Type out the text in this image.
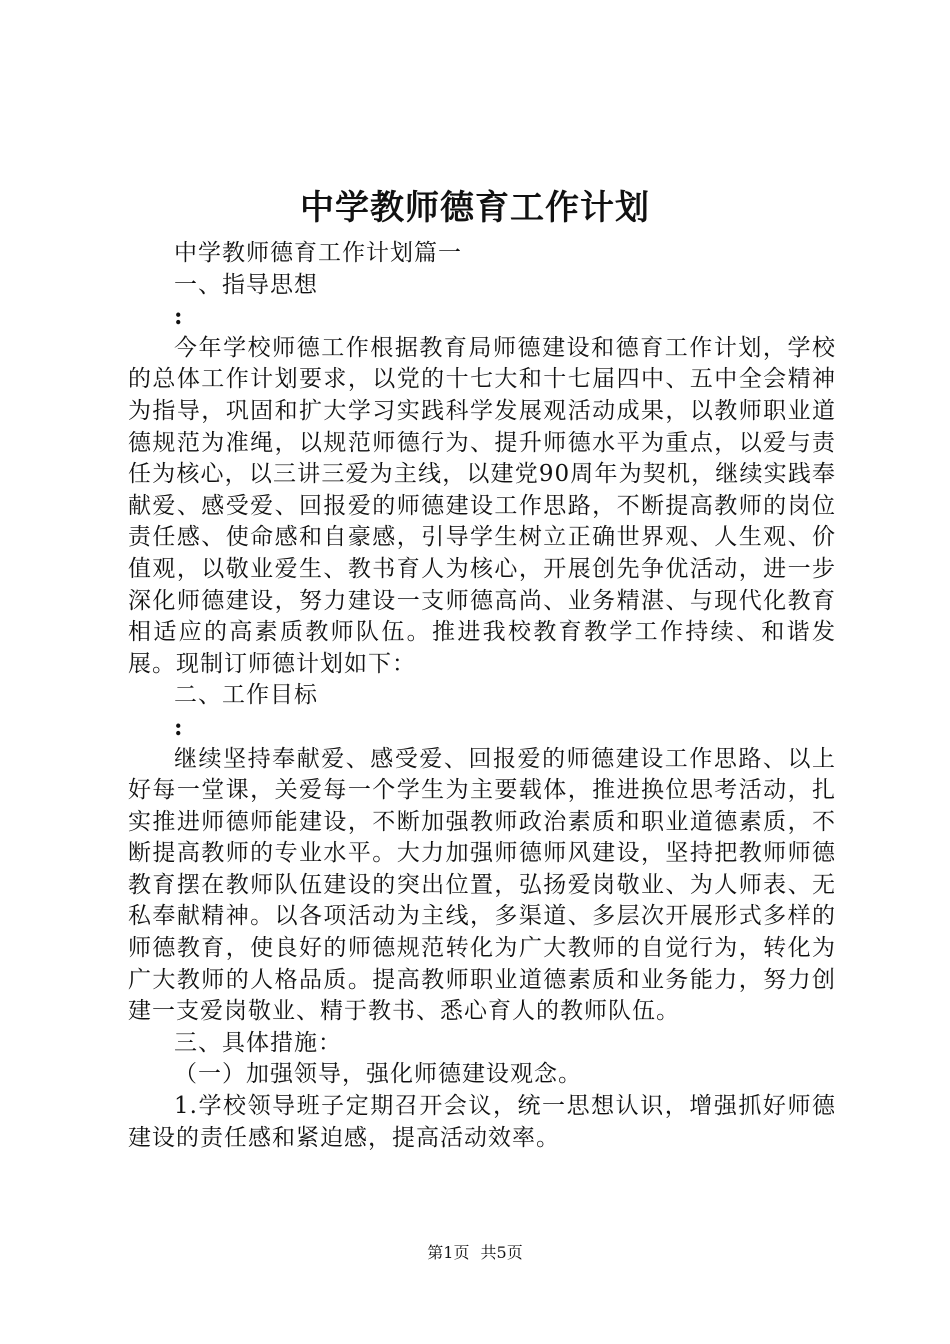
中学教师德育工作计划

中学教师德育工作计划篇一

一、指导思想

:

今年学校师德工作根据教育局师德建设和德育工作计划，学校的总体工作计划要求，以党的十七大和十七届四中、五中全会精神为指导，巩固和扩大学习实践科学发展观活动成果，以教师职业道德规范为准绳，以规范师德行为、提升师德水平为重点，以爱与责任为核心，以三讲三爱为主线，以建党90周年为契机，继续实践奉献爱、感受爱、回报爱的师德建设工作思路，不断提高教师的岗位责任感、使命感和自豪感，引导学生树立正确世界观、人生观、价值观，以敬业爱生、教书育人为核心，开展创先争优活动，进一步深化师德建设，努力建设一支师德高尚、业务精湛、与现代化教育相适应的高素质教师队伍。推进我校教育教学工作持续、和谐发展。现制订师德计划如下：

二、工作目标

:

继续坚持奉献爱、感受爱、回报爱的师德建设工作思路、以上好每一堂课，关爱每一个学生为主要载体，推进换位思考活动，扎实推进师德师能建设，不断加强教师政治素质和职业道德素质，不断提高教师的专业水平。大力加强师德师风建设，坚持把教师师德教育摆在教师队伍建设的突出位置，弘扬爱岗敬业、为人师表、无私奉献精神。以各项活动为主线，多渠道、多层次开展形式多样的师德教育，使良好的师德规范转化为广大教师的自觉行为，转化为广大教师的人格品质。提高教师职业道德素质和业务能力，努力创建一支爱岗敬业、精于教书、悉心育人的教师队伍。

三、具体措施：

（一）加强领导，强化师德建设观念。

1.学校领导班子定期召开会议，统一思想认识，增强抓好师德建设的责任感和紧迫感，提高活动效率。

第1页 共5页
